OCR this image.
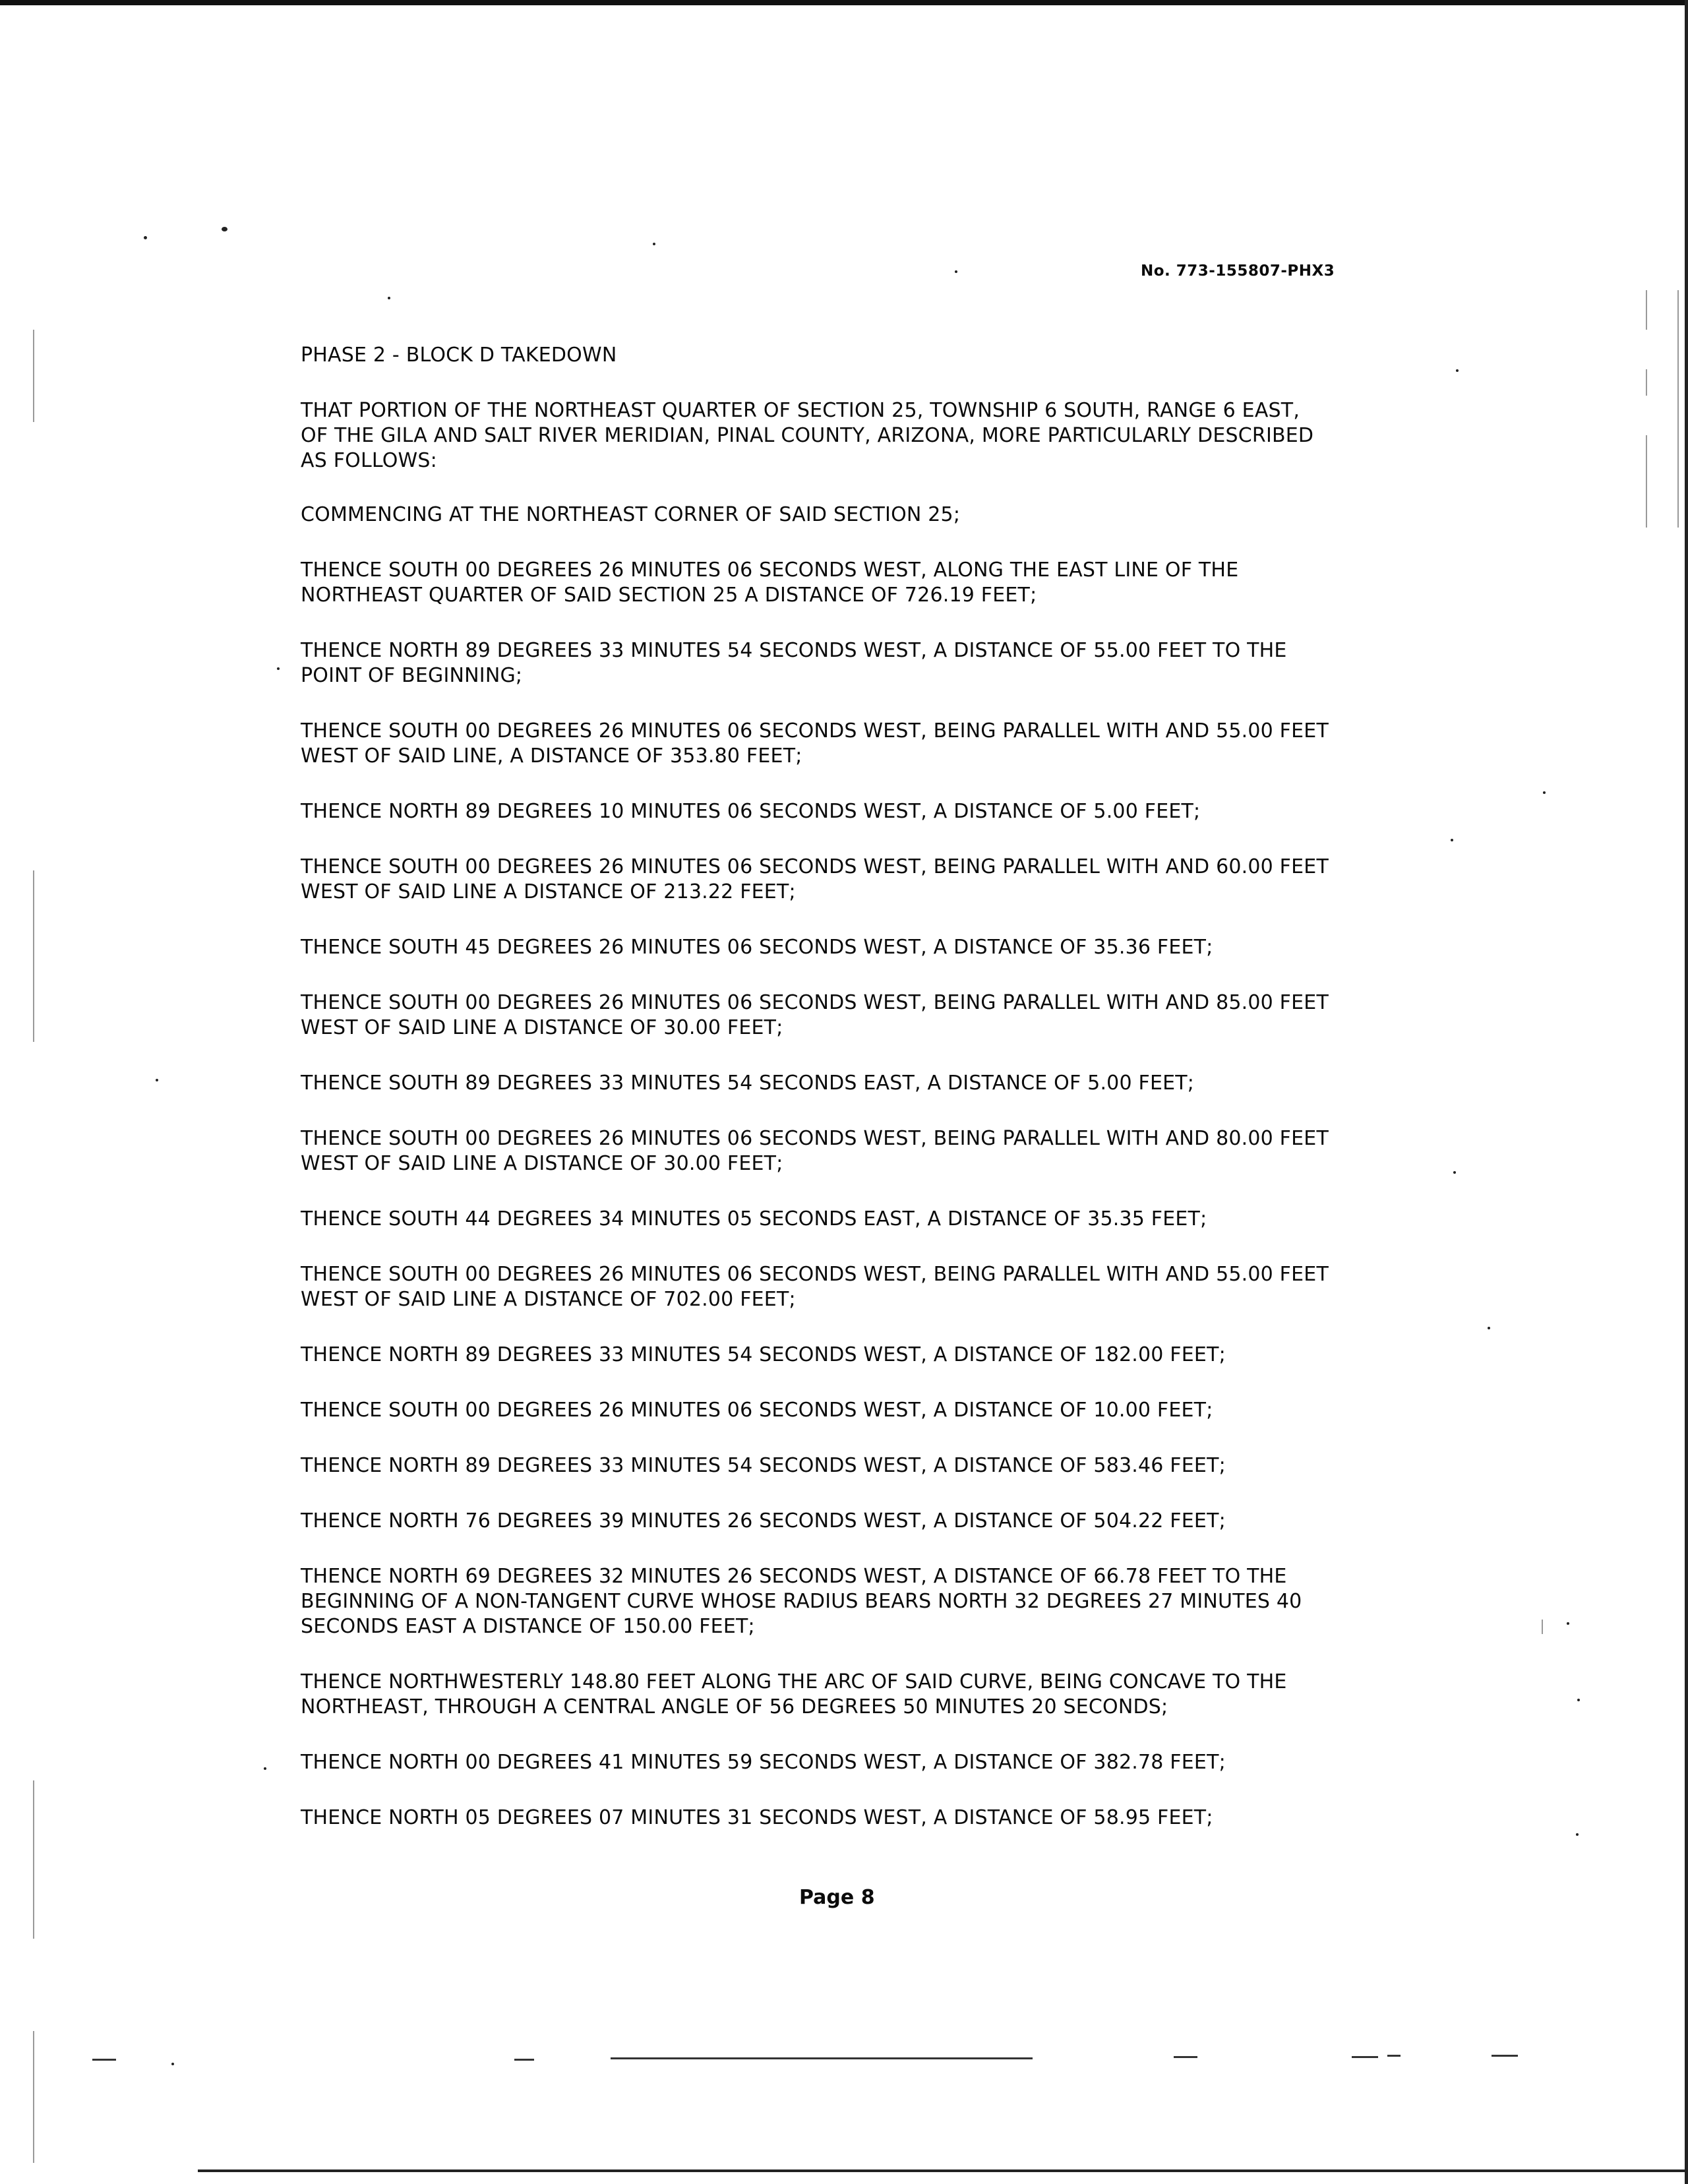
No. 773-155807-PHX3
PHASE 2 - BLOCK D TAKEDOWN
THAT PORTION OF THE NORTHEAST QUARTER OF SECTION 25, TOWNSHIP 6 SOUTH, RANGE 6 EAST,
OF THE GILA AND SALT RIVER MERIDIAN, PINAL COUNTY, ARIZONA, MORE PARTICULARLY DESCRIBED
AS FOLLOWS:
COMMENCING AT THE NORTHEAST CORNER OF SAID SECTION 25;
THENCE SOUTH 00 DEGREES 26 MINUTES 06 SECONDS WEST, ALONG THE EAST LINE OF THE
NORTHEAST QUARTER OF SAID SECTION 25 A DISTANCE OF 726.19 FEET;
THENCE NORTH 89 DEGREES 33 MINUTES 54 SECONDS WEST, A DISTANCE OF 55.00 FEET TO THE
POINT OF BEGINNING;
THENCE SOUTH 00 DEGREES 26 MINUTES 06 SECONDS WEST, BEING PARALLEL WITH AND 55.00 FEET
WEST OF SAID LINE, A DISTANCE OF 353.80 FEET;
THENCE NORTH 89 DEGREES 10 MINUTES 06 SECONDS WEST, A DISTANCE OF 5.00 FEET;
THENCE SOUTH 00 DEGREES 26 MINUTES 06 SECONDS WEST, BEING PARALLEL WITH AND 60.00 FEET
WEST OF SAID LINE A DISTANCE OF 213.22 FEET;
THENCE SOUTH 45 DEGREES 26 MINUTES 06 SECONDS WEST, A DISTANCE OF 35.36 FEET;
THENCE SOUTH 00 DEGREES 26 MINUTES 06 SECONDS WEST, BEING PARALLEL WITH AND 85.00 FEET
WEST OF SAID LINE A DISTANCE OF 30.00 FEET;
THENCE SOUTH 89 DEGREES 33 MINUTES 54 SECONDS EAST, A DISTANCE OF 5.00 FEET;
THENCE SOUTH 00 DEGREES 26 MINUTES 06 SECONDS WEST, BEING PARALLEL WITH AND 80.00 FEET
WEST OF SAID LINE A DISTANCE OF 30.00 FEET;
THENCE SOUTH 44 DEGREES 34 MINUTES 05 SECONDS EAST, A DISTANCE OF 35.35 FEET;
THENCE SOUTH 00 DEGREES 26 MINUTES 06 SECONDS WEST, BEING PARALLEL WITH AND 55.00 FEET
WEST OF SAID LINE A DISTANCE OF 702.00 FEET;
THENCE NORTH 89 DEGREES 33 MINUTES 54 SECONDS WEST, A DISTANCE OF 182.00 FEET;
THENCE SOUTH 00 DEGREES 26 MINUTES 06 SECONDS WEST, A DISTANCE OF 10.00 FEET;
THENCE NORTH 89 DEGREES 33 MINUTES 54 SECONDS WEST, A DISTANCE OF 583.46 FEET;
THENCE NORTH 76 DEGREES 39 MINUTES 26 SECONDS WEST, A DISTANCE OF 504.22 FEET;
THENCE NORTH 69 DEGREES 32 MINUTES 26 SECONDS WEST, A DISTANCE OF 66.78 FEET TO THE
BEGINNING OF A NON-TANGENT CURVE WHOSE RADIUS BEARS NORTH 32 DEGREES 27 MINUTES 40
SECONDS EAST A DISTANCE OF 150.00 FEET;
THENCE NORTHWESTERLY 148.80 FEET ALONG THE ARC OF SAID CURVE, BEING CONCAVE TO THE
NORTHEAST, THROUGH A CENTRAL ANGLE OF 56 DEGREES 50 MINUTES 20 SECONDS;
THENCE NORTH 00 DEGREES 41 MINUTES 59 SECONDS WEST, A DISTANCE OF 382.78 FEET;
THENCE NORTH 05 DEGREES 07 MINUTES 31 SECONDS WEST, A DISTANCE OF 58.95 FEET;
Page 8
